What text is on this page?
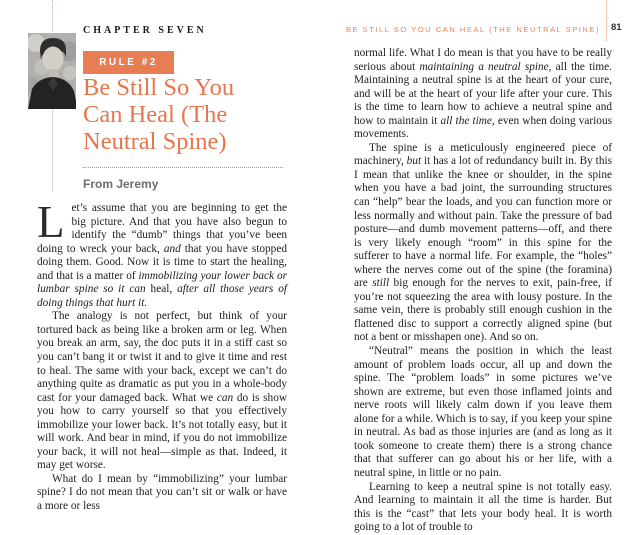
CHAPTER SEVEN
RULE #2
Be Still So You Can Heal (The Neutral Spine)
From Jeremy

Let’s assume that you are beginning to get the big picture. And that you have also begun to identify the “dumb” things that you’ve been doing to wreck your back, and that you have stopped doing them. Good. Now it is time to start the healing, and that is a matter of immobilizing your lower back or lumbar spine so it can heal, after all those years of doing things that hurt it.

The analogy is not perfect, but think of your tortured back as being like a broken arm or leg. When you break an arm, say, the doc puts it in a stiff cast so you can’t bang it or twist it and to give it time and rest to heal. The same with your back, except we can’t do anything quite as dramatic as put you in a whole-body cast for your damaged back. What we can do is show you how to carry yourself so that you effectively immobilize your lower back. It’s not totally easy, but it will work. And bear in mind, if you do not immobilize your back, it will not heal—simple as that. Indeed, it may get worse.

What do I mean by “immobilizing” your lumbar spine? I do not mean that you can’t sit or walk or have a more or less

BE STILL SO YOU CAN HEAL (THE NEUTRAL SPINE) 81

normal life. What I do mean is that you have to be really serious about maintaining a neutral spine, all the time. Maintaining a neutral spine is at the heart of your cure, and will be at the heart of your life after your cure. This is the time to learn how to achieve a neutral spine and how to maintain it all the time, even when doing various movements.

The spine is a meticulously engineered piece of machinery, but it has a lot of redundancy built in. By this I mean that unlike the knee or shoulder, in the spine when you have a bad joint, the surrounding structures can “help” bear the loads, and you can function more or less normally and without pain. Take the pressure of bad posture—and dumb movement patterns—off, and there is very likely enough “room” in this spine for the sufferer to have a normal life. For example, the “holes” where the nerves come out of the spine (the foramina) are still big enough for the nerves to exit, pain-free, if you’re not squeezing the area with lousy posture. In the same vein, there is probably still enough cushion in the flattened disc to support a correctly aligned spine (but not a bent or misshapen one). And so on.

“Neutral” means the position in which the least amount of problem loads occur, all up and down the spine. The “problem loads” in some pictures we’ve shown are extreme, but even those inflamed joints and nerve roots will likely calm down if you leave them alone for a while. Which is to say, if you keep your spine in neutral. As bad as those injuries are (and as long as it took someone to create them) there is a strong chance that that sufferer can go about his or her life, with a neutral spine, in little or no pain.

Learning to keep a neutral spine is not totally easy. And learning to maintain it all the time is harder. But this is the “cast” that lets your body heal. It is worth going to a lot of trouble to
